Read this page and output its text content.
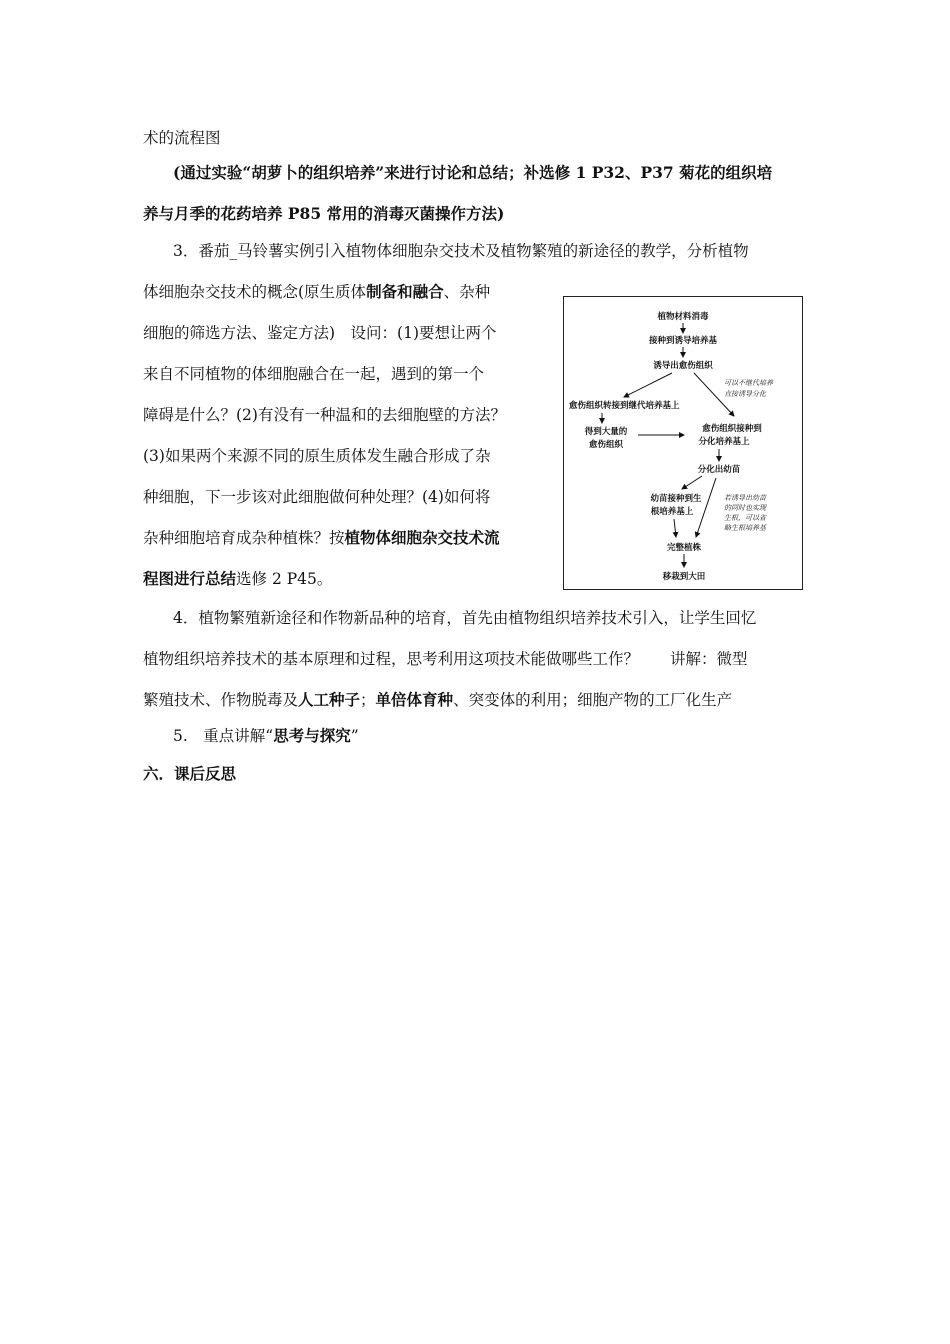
术的流程图
(通过实验“胡萝卜的组织培养”来进行讨论和总结；补选修 1 P32、P37 菊花的组织培
养与月季的花药培养 P85 常用的消毒灭菌操作方法)
3．番茄_马铃薯实例引入植物体细胞杂交技术及植物繁殖的新途径的教学，分析植物
体细胞杂交技术的概念(原生质体制备和融合、杂种
细胞的筛选方法、鉴定方法)　设问：(1)要想让两个
来自不同植物的体细胞融合在一起，遇到的第一个
障碍是什么？(2)有没有一种温和的去细胞壁的方法？
(3)如果两个来源不同的原生质体发生融合形成了杂
种细胞，下一步该对此细胞做何种处理？(4)如何将
杂种细胞培育成杂种植株？按植物体细胞杂交技术流
程图进行总结选修 2 P45。
4．植物繁殖新途径和作物新品种的培育，首先由植物组织培养技术引入，让学生回忆
植物组织培养技术的基本原理和过程，思考利用这项技术能做哪些工作？　　讲解：微型
繁殖技术、作物脱毒及人工种子；单倍体育种、突变体的利用；细胞产物的工厂化生产
5.　重点讲解“思考与探究”
六．课后反思
植物材料消毒
接种到诱导培养基
诱导出愈伤组织
可以不继代培养
直接诱导分化
愈伤组织转接到继代培养基上
得到大量的
愈伤组织
愈伤组织接种到
分化培养基上
分化出幼苗
幼苗接种到生
根培养基上
若诱导出幼苗
的同时也实现
生根，可以省
略生根培养基
完整植株
移栽到大田
